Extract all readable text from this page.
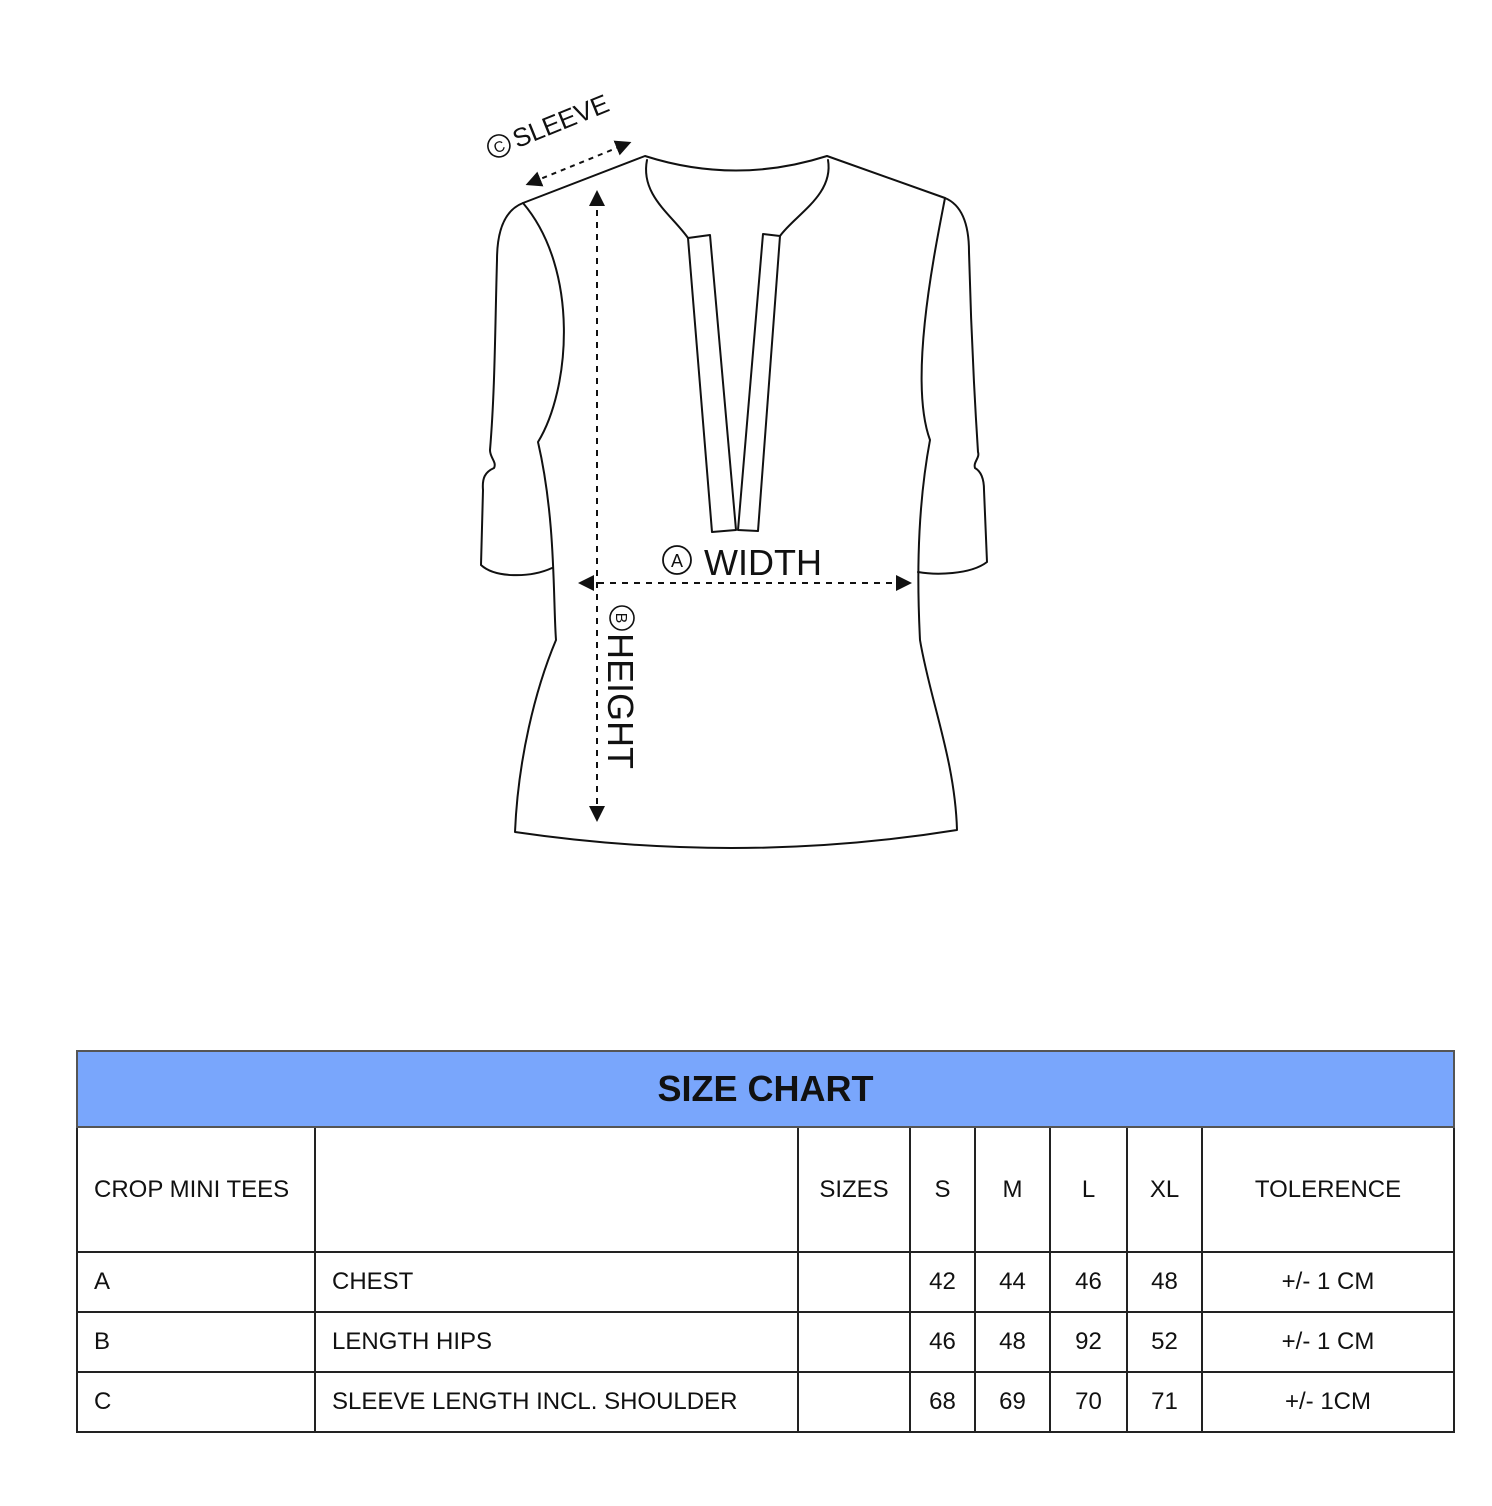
C SLEEVE
B
HEIGHT
A WIDTH
SIZE CHART							
CROP MINI TEES		SIZES	S	M	L	XL	TOLERENCE
A	CHEST		42	44	46	48	+/- 1 CM
B	LENGTH HIPS		46	48	92	52	+/- 1 CM
C	SLEEVE LENGTH INCL. SHOULDER		68	69	70	71	+/- 1CM
